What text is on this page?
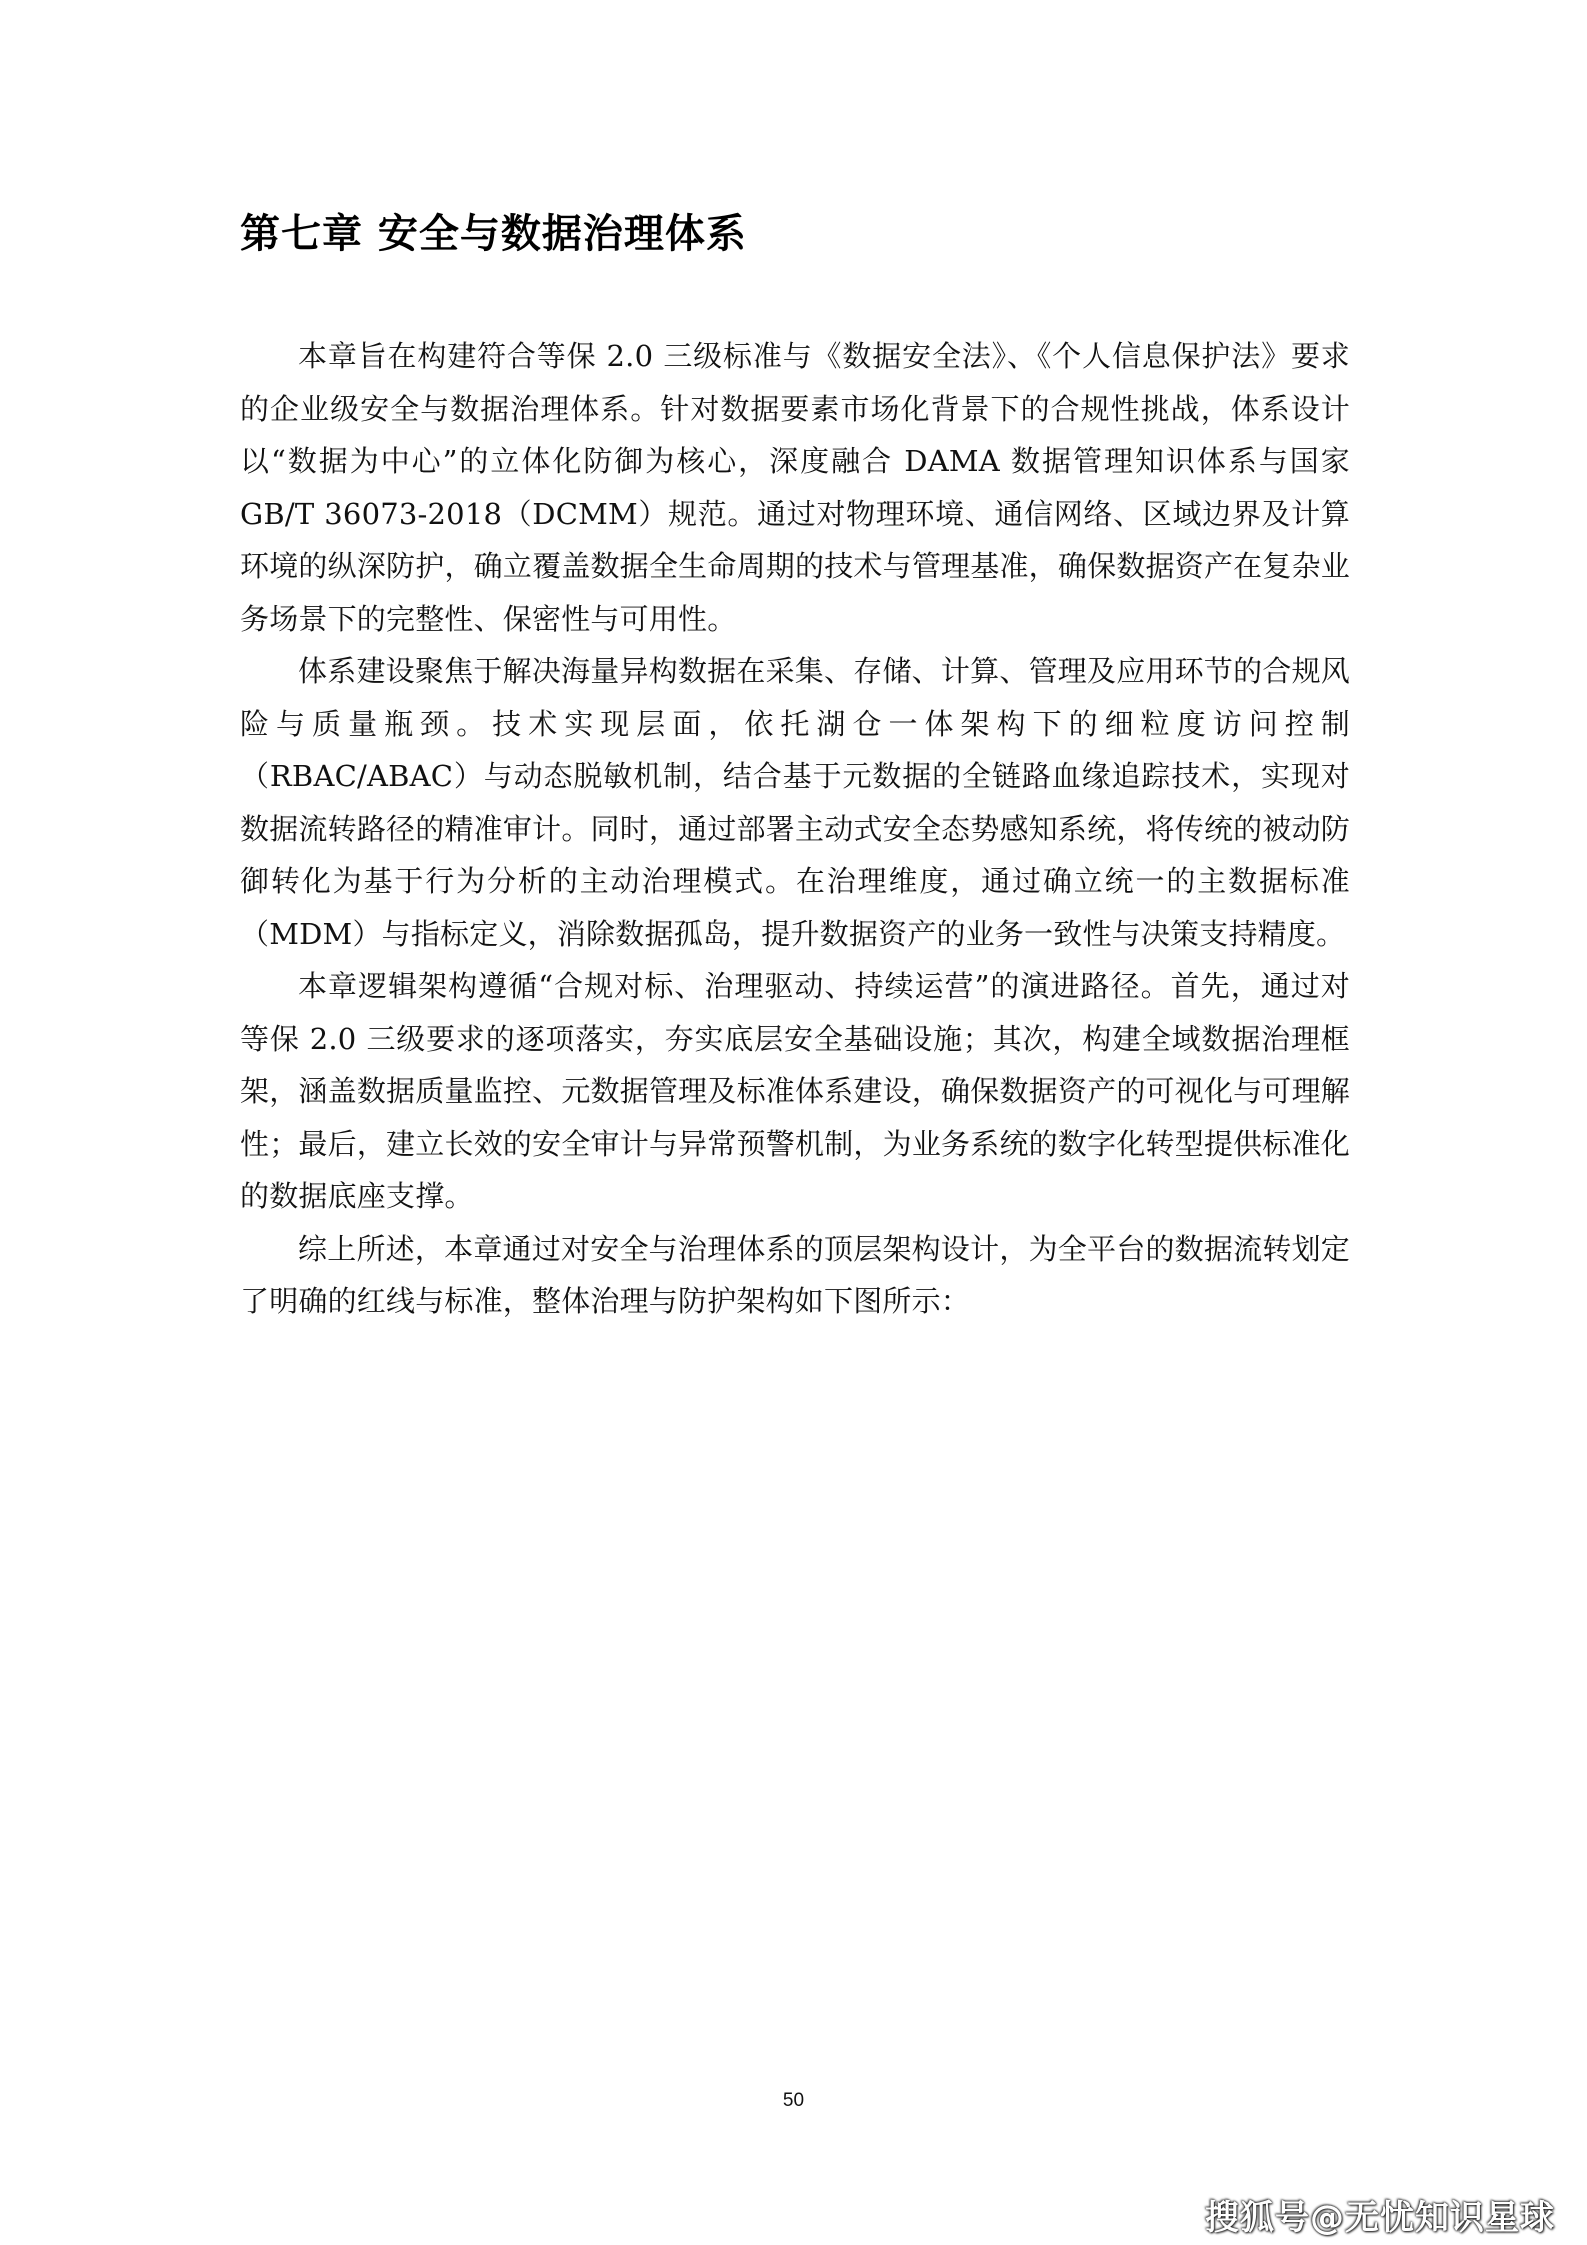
第七章 安全与数据治理体系

本章旨在构建符合等保 2.0 三级标准与《数据安全法》、《个人信息保护法》要求的企业级安全与数据治理体系。针对数据要素市场化背景下的合规性挑战，体系设计以“数据为中心”的立体化防御为核心，深度融合 DAMA 数据管理知识体系与国家 GB/T 36073-2018（DCMM）规范。通过对物理环境、通信网络、区域边界及计算环境的纵深防护，确立覆盖数据全生命周期的技术与管理基准，确保数据资产在复杂业务场景下的完整性、保密性与可用性。

体系建设聚焦于解决海量异构数据在采集、存储、计算、管理及应用环节的合规风险与质量瓶颈。技术实现层面，依托湖仓一体架构下的细粒度访问控制（RBAC/ABAC）与动态脱敏机制，结合基于元数据的全链路血缘追踪技术，实现对数据流转路径的精准审计。同时，通过部署主动式安全态势感知系统，将传统的被动防御转化为基于行为分析的主动治理模式。在治理维度，通过确立统一的主数据标准（MDM）与指标定义，消除数据孤岛，提升数据资产的业务一致性与决策支持精度。

本章逻辑架构遵循“合规对标、治理驱动、持续运营”的演进路径。首先，通过对等保 2.0 三级要求的逐项落实，夯实底层安全基础设施；其次，构建全域数据治理框架，涵盖数据质量监控、元数据管理及标准体系建设，确保数据资产的可视化与可理解性；最后，建立长效的安全审计与异常预警机制，为业务系统的数字化转型提供标准化的数据底座支撑。

综上所述，本章通过对安全与治理体系的顶层架构设计，为全平台的数据流转划定了明确的红线与标准，整体治理与防护架构如下图所示：

50
搜狐号@无忧知识星球
